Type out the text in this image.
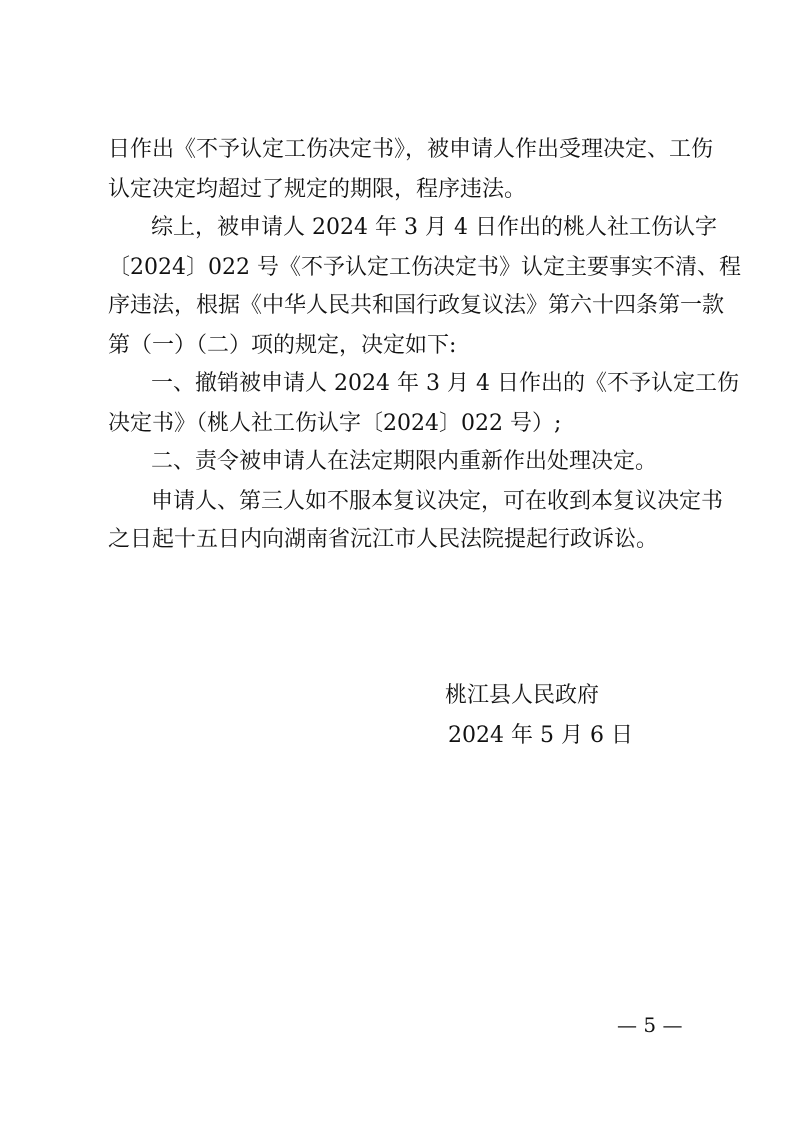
日作出《不予认定工伤决定书》，被申请人作出受理决定、工伤
认定决定均超过了规定的期限，程序违法。
综上，被申请人 2024 年 3 月 4 日作出的桃人社工伤认字
〔2024〕022 号《不予认定工伤决定书》认定主要事实不清、程
序违法，根据《中华人民共和国行政复议法》第六十四条第一款
第（一）（二）项的规定，决定如下:
一、撤销被申请人 2024 年 3 月 4 日作出的《不予认定工伤
决定书》（桃人社工伤认字〔2024〕022 号）;
二、责令被申请人在法定期限内重新作出处理决定。
申请人、第三人如不服本复议决定，可在收到本复议决定书
之日起十五日内向湖南省沅江市人民法院提起行政诉讼。
桃江县人民政府
2024 年 5 月 6 日
— 5 —
